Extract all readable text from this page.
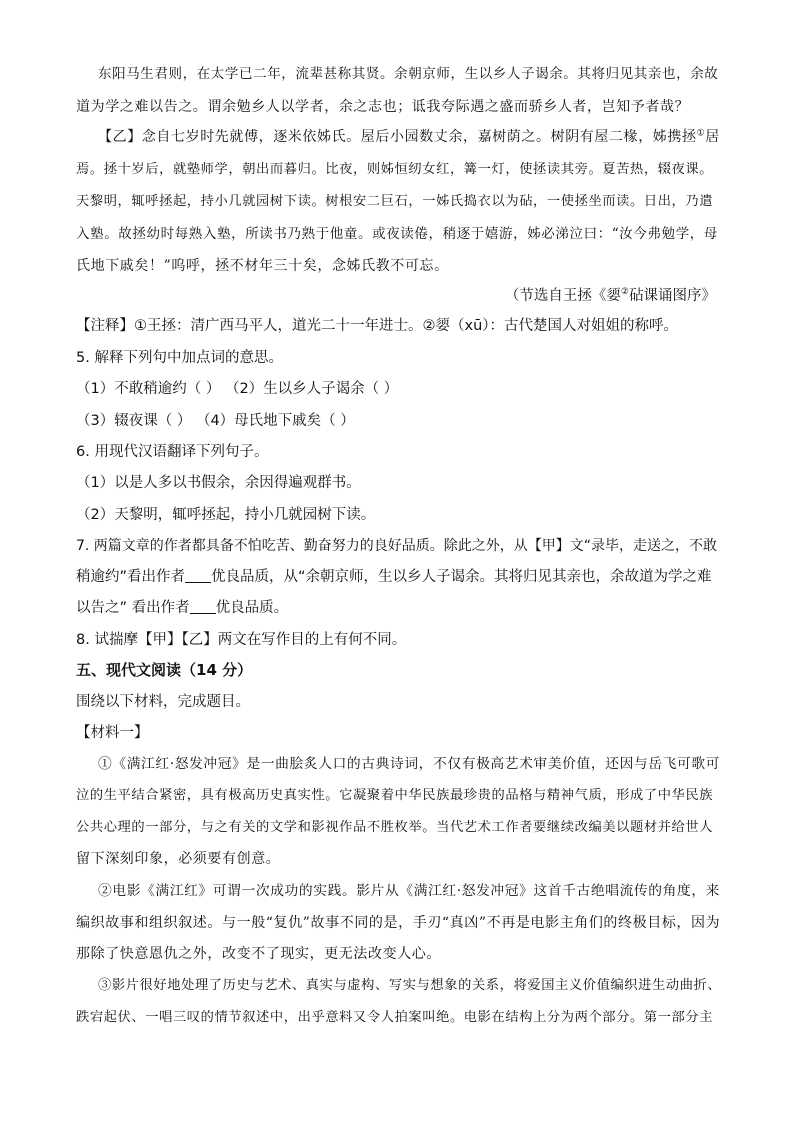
东阳马生君则，在太学已二年，流辈甚称其贤。余朝京师，生以乡人子谒余。其将归见其亲也，余故
道为学之难以告之。谓余勉乡人以学者，余之志也；诋我夸际遇之盛而骄乡人者，岂知予者哉？
【乙】念自七岁时先就傅，逐米依姊氏。屋后小园数丈余，嘉树荫之。树阴有屋二椽，姊携拯①居
焉。拯十岁后，就塾师学，朝出而暮归。比夜，则姊恒纫女红，篝一灯，使拯读其旁。夏苦热，辍夜课。
天黎明，辄呼拯起，持小几就园树下读。树根安二巨石，一姊氏捣衣以为砧，一使拯坐而读。日出，乃遣
入塾。故拯幼时每熟入塾，所读书乃熟于他童。或夜读倦，稍逐于嬉游，姊必涕泣曰：“汝今弗勉学，母
氏地下戚矣！”呜呼，拯不材年三十矣，念姊氏教不可忘。
（节选自王拯《媭②砧课诵图序》
【注释】①王拯：清广西马平人，道光二十一年进士。②媭（xū）：古代楚国人对姐姐的称呼。
5. 解释下列句中加点词的意思。
（1）不敢稍逾约（ ） （2）生以乡人子谒余（ ）
（3）辍夜课（ ） （4）母氏地下戚矣（ ）
6. 用现代汉语翻译下列句子。
（1）以是人多以书假余，余因得遍观群书。
（2）天黎明，辄呼拯起，持小几就园树下读。
7. 两篇文章的作者都具备不怕吃苦、勤奋努力的良好品质。除此之外，从【甲】文“录毕，走送之，不敢
稍逾约”看出作者 优良品质，从“余朝京师，生以乡人子谒余。其将归见其亲也，余故道为学之难
以告之” 看出作者 优良品质。
8. 试揣摩【甲】【乙】两文在写作目的上有何不同。
五、现代文阅读（14 分）
围绕以下材料，完成题目。
【材料一】
①《满江红·怒发冲冠》是一曲脍炙人口的古典诗词，不仅有极高艺术审美价值，还因与岳飞可歌可
泣的生平结合紧密，具有极高历史真实性。它凝聚着中华民族最珍贵的品格与精神气质，形成了中华民族
公共心理的一部分，与之有关的文学和影视作品不胜枚举。当代艺术工作者要继续改编美以题材并给世人
留下深刻印象，必须要有创意。
②电影《满江红》可谓一次成功的实践。影片从《满江红·怒发冲冠》这首千古绝唱流传的角度，来
编织故事和组织叙述。与一般“复仇”故事不同的是，手刃“真凶”不再是电影主角们的终极目标，因为
那除了快意恩仇之外，改变不了现实，更无法改变人心。
③影片很好地处理了历史与艺术、真实与虚构、写实与想象的关系，将爱国主义价值编织进生动曲折、
跌宕起伏、一唱三叹的情节叙述中，出乎意料又令人拍案叫绝。电影在结构上分为两个部分。第一部分主
